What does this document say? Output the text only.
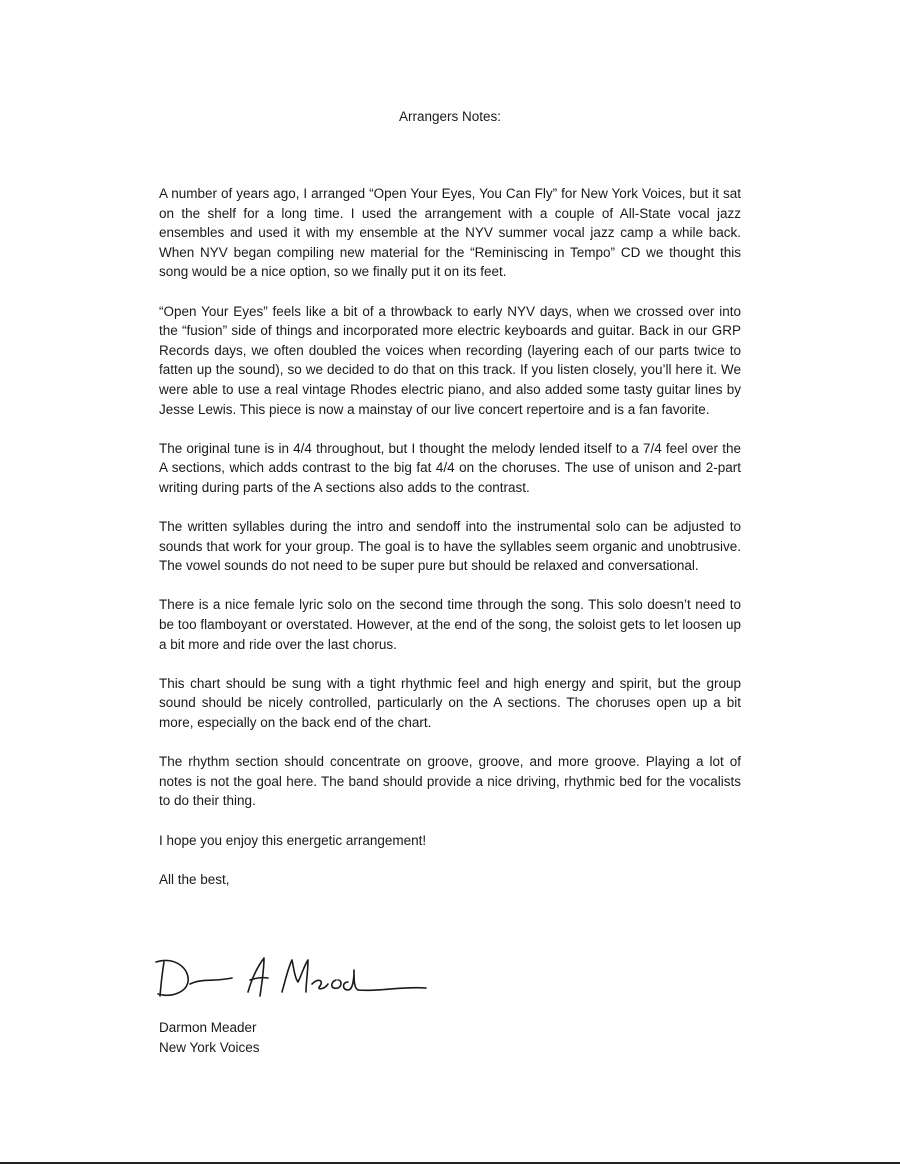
Arrangers Notes:

A number of years ago, I arranged “Open Your Eyes, You Can Fly” for New York Voices, but it sat on the shelf for a long time. I used the arrangement with a couple of All-State vocal jazz ensembles and used it with my ensemble at the NYV summer vocal jazz camp a while back. When NYV began compiling new material for the “Reminiscing in Tempo” CD we thought this song would be a nice option, so we finally put it on its feet.

“Open Your Eyes” feels like a bit of a throwback to early NYV days, when we crossed over into the “fusion” side of things and incorporated more electric keyboards and guitar. Back in our GRP Records days, we often doubled the voices when recording (layering each of our parts twice to fatten up the sound), so we decided to do that on this track. If you listen closely, you’ll here it. We were able to use a real vintage Rhodes electric piano, and also added some tasty guitar lines by Jesse Lewis. This piece is now a mainstay of our live concert repertoire and is a fan favorite.

The original tune is in 4/4 throughout, but I thought the melody lended itself to a 7/4 feel over the A sections, which adds contrast to the big fat 4/4 on the choruses. The use of unison and 2-part writing during parts of the A sections also adds to the contrast.

The written syllables during the intro and sendoff into the instrumental solo can be adjusted to sounds that work for your group. The goal is to have the syllables seem organic and unobtrusive. The vowel sounds do not need to be super pure but should be relaxed and conversational.

There is a nice female lyric solo on the second time through the song. This solo doesn’t need to be too flamboyant or overstated. However, at the end of the song, the soloist gets to let loosen up a bit more and ride over the last chorus.

This chart should be sung with a tight rhythmic feel and high energy and spirit, but the group sound should be nicely controlled, particularly on the A sections. The choruses open up a bit more, especially on the back end of the chart.

The rhythm section should concentrate on groove, groove, and more groove. Playing a lot of notes is not the goal here. The band should provide a nice driving, rhythmic bed for the vocalists to do their thing.

I hope you enjoy this energetic arrangement!

All the best,

Darmon Meader
New York Voices
